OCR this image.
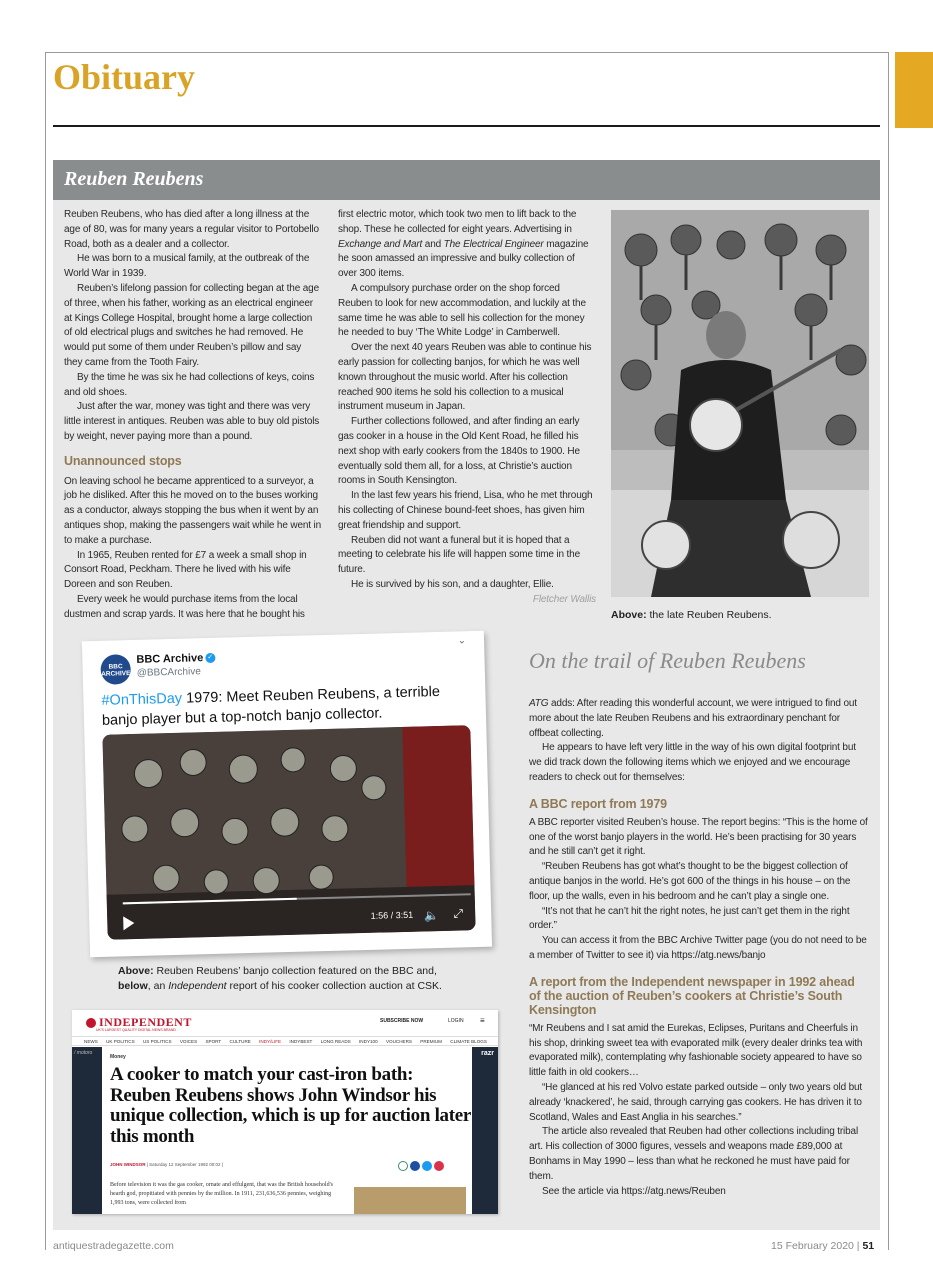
Obituary
Reuben Reubens

Reuben Reubens, who has died after a long illness at the age of 80, was for many years a regular visitor to Portobello Road, both as a dealer and a collector.

He was born to a musical family, at the outbreak of the World War in 1939.

Reuben’s lifelong passion for collecting began at the age of three, when his father, working as an electrical engineer at Kings College Hospital, brought home a large collection of old electrical plugs and switches he had removed. He would put some of them under Reuben’s pillow and say they came from the Tooth Fairy.

By the time he was six he had collections of keys, coins and old shoes.

Just after the war, money was tight and there was very little interest in antiques. Reuben was able to buy old pistols by weight, never paying more than a pound.

Unannounced stops

On leaving school he became apprenticed to a surveyor, a job he disliked. After this he moved on to the buses working as a conductor, always stopping the bus when it went by an antiques shop, making the passengers wait while he went in to make a purchase.

In 1965, Reuben rented for £7 a week a small shop in Consort Road, Peckham. There he lived with his wife Doreen and son Reuben.

Every week he would purchase items from the local dustmen and scrap yards. It was here that he bought his

first electric motor, which took two men to lift back to the shop. These he collected for eight years. Advertising in Exchange and Mart and The Electrical Engineer magazine he soon amassed an impressive and bulky collection of over 300 items.

A compulsory purchase order on the shop forced Reuben to look for new accommodation, and luckily at the same time he was able to sell his collection for the money he needed to buy ‘The White Lodge’ in Camberwell.

Over the next 40 years Reuben was able to continue his early passion for collecting banjos, for which he was well known throughout the music world. After his collection reached 900 items he sold his collection to a musical instrument museum in Japan.

Further collections followed, and after finding an early gas cooker in a house in the Old Kent Road, he filled his next shop with early cookers from the 1840s to 1900. He eventually sold them all, for a loss, at Christie’s auction rooms in South Kensington.

In the last few years his friend, Lisa, who he met through his collecting of Chinese bound-feet shoes, has given him great friendship and support.

Reuben did not want a funeral but it is hoped that a meeting to celebrate his life will happen some time in the future.

He is survived by his son, and a daughter, Ellie.

Fletcher Wallis

Above: the late Reuben Reubens.
BBC
ARCHIVE
BBC Archive ✓
@BBCArchive
⌄
#OnThisDay 1979: Meet Reuben Reubens, a terrible banjo player but a top-notch banjo collector.
1:56 / 3:51 🔈 ⤢
Above: Reuben Reubens’ banjo collection featured on the BBC and, below, an Independent report of his cooker collection auction at CSK.
INDEPENDENT
UK'S LARGEST QUALITY DIGITAL NEWS BRAND
SUBSCRIBE NOW	LOGIN ≡
NEWS UK POLITICS US POLITICS VOICES SPORT CULTURE INDY/LIFE INDYBEST LONG READS INDY100 VOUCHERS PREMIUM CLIMATE BLOGS
/ motoro	razr
Money
A cooker to match your cast-iron bath: Reuben Reubens shows John Windsor his unique collection, which is up for auction later this month
JOHN WINDSOR | Saturday 12 September 1992 00:02 |
Before television it was the gas cooker, ornate and effulgent, that was the British household's hearth god, propitiated with pennies by the million. In 1911, 231,636,536 pennies, weighing 1,993 tons, were collected from
On the trail of Reuben Reubens

ATG adds: After reading this wonderful account, we were intrigued to find out more about the late Reuben Reubens and his extraordinary penchant for offbeat collecting.

He appears to have left very little in the way of his own digital footprint but we did track down the following items which we enjoyed and we encourage readers to check out for themselves:

A BBC report from 1979

A BBC reporter visited Reuben’s house. The report begins: “This is the home of one of the worst banjo players in the world. He’s been practising for 30 years and he still can’t get it right.

“Reuben Reubens has got what’s thought to be the biggest collection of antique banjos in the world. He’s got 600 of the things in his house – on the floor, up the walls, even in his bedroom and he can’t play a single one.

“It’s not that he can’t hit the right notes, he just can’t get them in the right order.”

You can access it from the BBC Archive Twitter page (you do not need to be a member of Twitter to see it) via https://atg.news/banjo

A report from the Independent newspaper in 1992 ahead of the auction of Reuben’s cookers at Christie’s South Kensington

“Mr Reubens and I sat amid the Eurekas, Eclipses, Puritans and Cheerfuls in his shop, drinking sweet tea with evaporated milk (every dealer drinks tea with evaporated milk), contemplating why fashionable society appeared to have so little faith in old cookers…

“He glanced at his red Volvo estate parked outside – only two years old but already ‘knackered’, he said, through carrying gas cookers. He has driven it to Scotland, Wales and East Anglia in his searches.”

The article also revealed that Reuben had other collections including tribal art. His collection of 3000 figures, vessels and weapons made £89,000 at Bonhams in May 1990 – less than what he reckoned he must have paid for them.

See the article via https://atg.news/Reuben

antiquestradegazette.com	15 February 2020 | 51
